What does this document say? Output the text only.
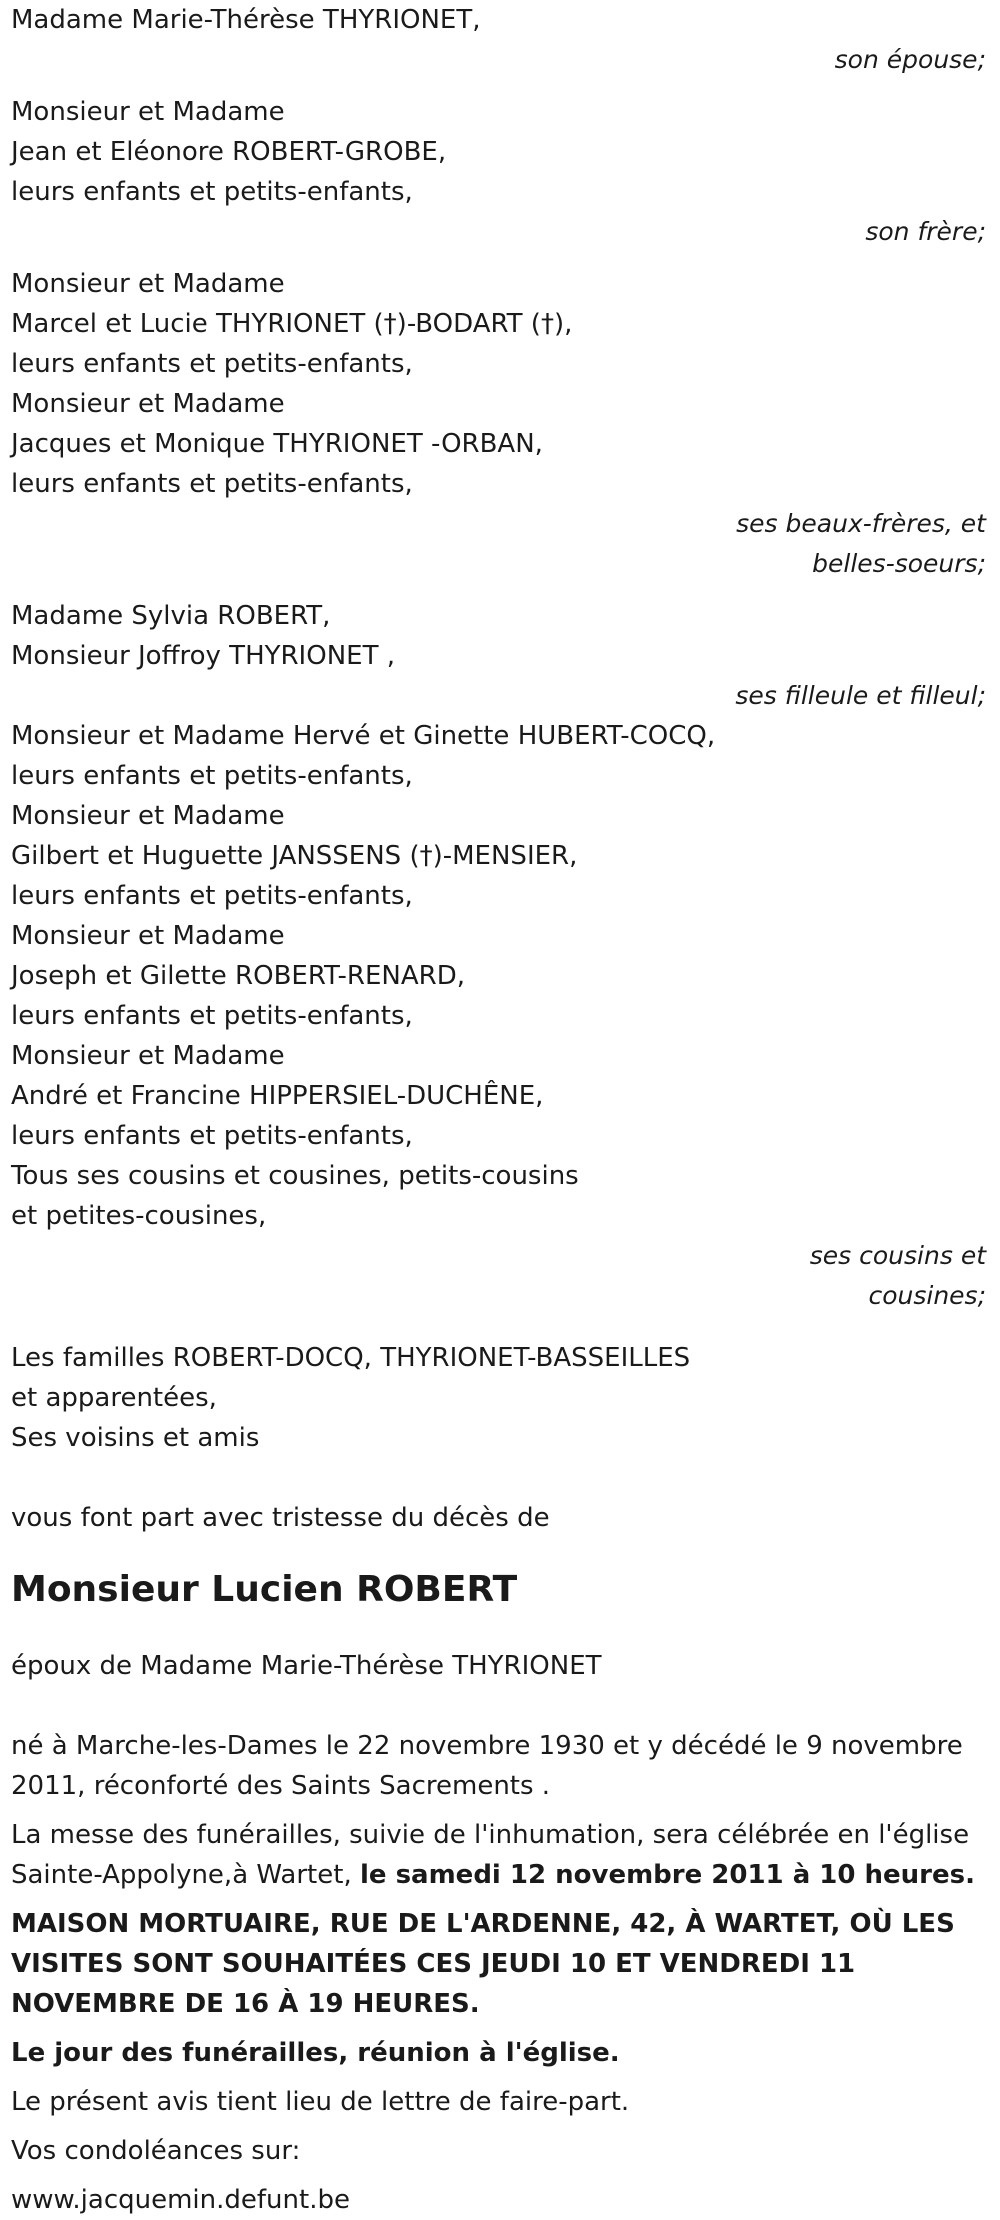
Madame Marie-Thérèse THYRIONET,
son épouse;
Monsieur et Madame
Jean et Eléonore ROBERT-GROBE,
leurs enfants et petits-enfants,
son frère;
Monsieur et Madame
Marcel et Lucie THYRIONET (†)-BODART (†),
leurs enfants et petits-enfants,
Monsieur et Madame
Jacques et Monique THYRIONET -ORBAN,
leurs enfants et petits-enfants,
ses beaux-frères, et
belles-soeurs;
Madame Sylvia ROBERT,
Monsieur Joffroy THYRIONET ,
ses filleule et filleul;
Monsieur et Madame Hervé et Ginette HUBERT-COCQ,
leurs enfants et petits-enfants,
Monsieur et Madame
Gilbert et Huguette JANSSENS (†)-MENSIER,
leurs enfants et petits-enfants,
Monsieur et Madame
Joseph et Gilette ROBERT-RENARD,
leurs enfants et petits-enfants,
Monsieur et Madame
André et Francine HIPPERSIEL-DUCHÊNE,
leurs enfants et petits-enfants,
Tous ses cousins et cousines, petits-cousins
et petites-cousines,
ses cousins et
cousines;
Les familles ROBERT-DOCQ, THYRIONET-BASSEILLES
et apparentées,
Ses voisins et amis
vous font part avec tristesse du décès de
Monsieur Lucien ROBERT
époux de Madame Marie-Thérèse THYRIONET
né à Marche-les-Dames le 22 novembre 1930 et y décédé le 9 novembre 2011, réconforté des Saints Sacrements .
La messe des funérailles, suivie de l'inhumation, sera célébrée en l'église Sainte-Appolyne,à Wartet, le samedi 12 novembre 2011 à 10 heures.
MAISON MORTUAIRE, RUE DE L'ARDENNE, 42, À WARTET, OÙ LES VISITES SONT SOUHAITÉES CES JEUDI 10 ET VENDREDI 11 NOVEMBRE DE 16 À 19 HEURES.
Le jour des funérailles, réunion à l'église.
Le présent avis tient lieu de lettre de faire-part.
Vos condoléances sur:
www.jacquemin.defunt.be
